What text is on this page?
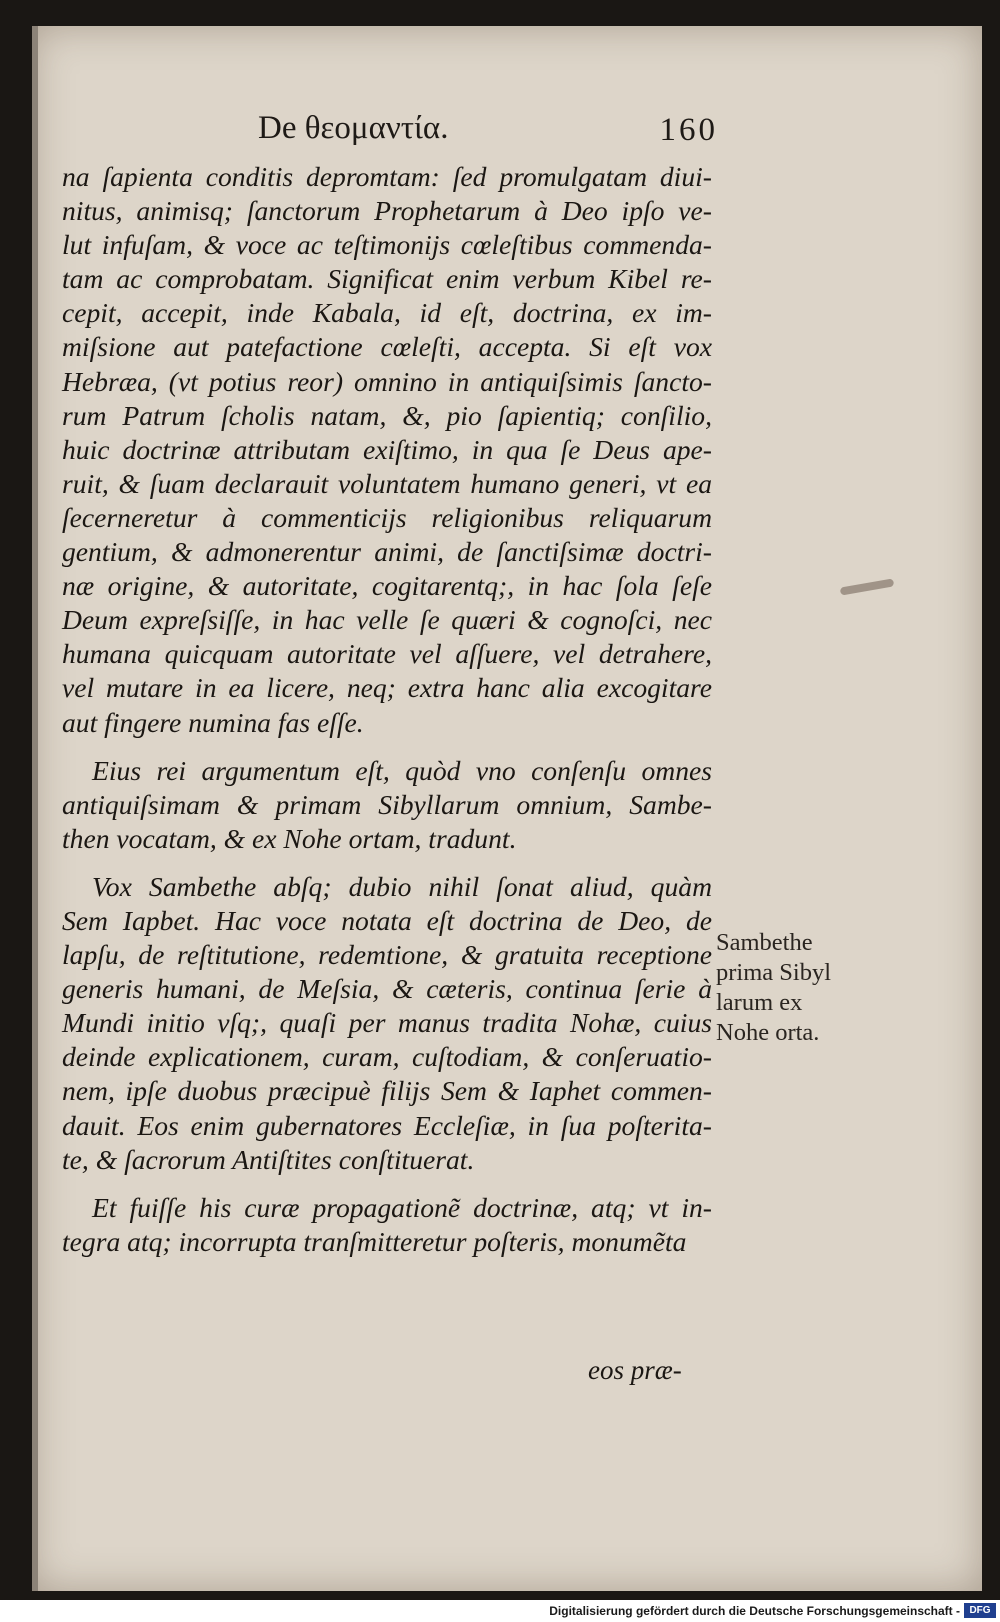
De θεομαντία.	160

na ſapienta conditis depromtam: ſed promulgatam diui-
nitus, animisq; ſanctorum Prophetarum à Deo ipſo ve-
lut infuſam, & voce ac teſtimonijs cœleſtibus commenda-
tam ac comprobatam. Significat enim verbum Kibel re-
cepit, accepit, inde Kabala, id eſt, doctrina, ex im-
miſsione aut patefactione cœleſti, accepta. Si eſt vox
Hebræa, (vt potius reor) omnino in antiquiſsimis ſancto-
rum Patrum ſcholis natam, &, pio ſapientiq; conſilio,
huic doctrinæ attributam exiſtimo, in qua ſe Deus ape-
ruit, & ſuam declarauit voluntatem humano generi, vt ea
ſecerneretur à commenticijs religionibus reliquarum
gentium, & admonerentur animi, de ſanctiſsimæ doctri-
næ origine, & autoritate, cogitarentq;, in hac ſola ſeſe
Deum expreſsiſſe, in hac velle ſe quæri & cognoſci, nec
humana quicquam autoritate vel aſſuere, vel detrahere,
vel mutare in ea licere, neq; extra hanc alia excogitare
aut fingere numina fas eſſe.

Eius rei argumentum eſt, quòd vno conſenſu omnes
antiquiſsimam & primam Sibyllarum omnium, Sambe-
then vocatam, & ex Nohe ortam, tradunt.

Vox Sambethe abſq; dubio nihil ſonat aliud, quàm
Sem Iapbet. Hac voce notata eſt doctrina de Deo, de
lapſu, de reſtitutione, redemtione, & gratuita receptione
generis humani, de Meſsia, & cæteris, continua ſerie à
Mundi initio vſq;, quaſi per manus tradita Nohæ, cuius
deinde explicationem, curam, cuſtodiam, & conſeruatio-
nem, ipſe duobus præcipuè filijs Sem & Iaphet commen-
dauit. Eos enim gubernatores Eccleſiæ, in ſua poſterita-
te, & ſacrorum Antiſtites conſtituerat.

Et fuiſſe his curæ propagationẽ doctrinæ, atq; vt in-
tegra atq; incorrupta tranſmitteretur poſteris, monumẽta

eos præ-
Sambethe
prima Sibyl
larum ex
Nohe orta.
Digitalisierung gefördert durch die Deutsche Forschungsgemeinschaft - DFG
